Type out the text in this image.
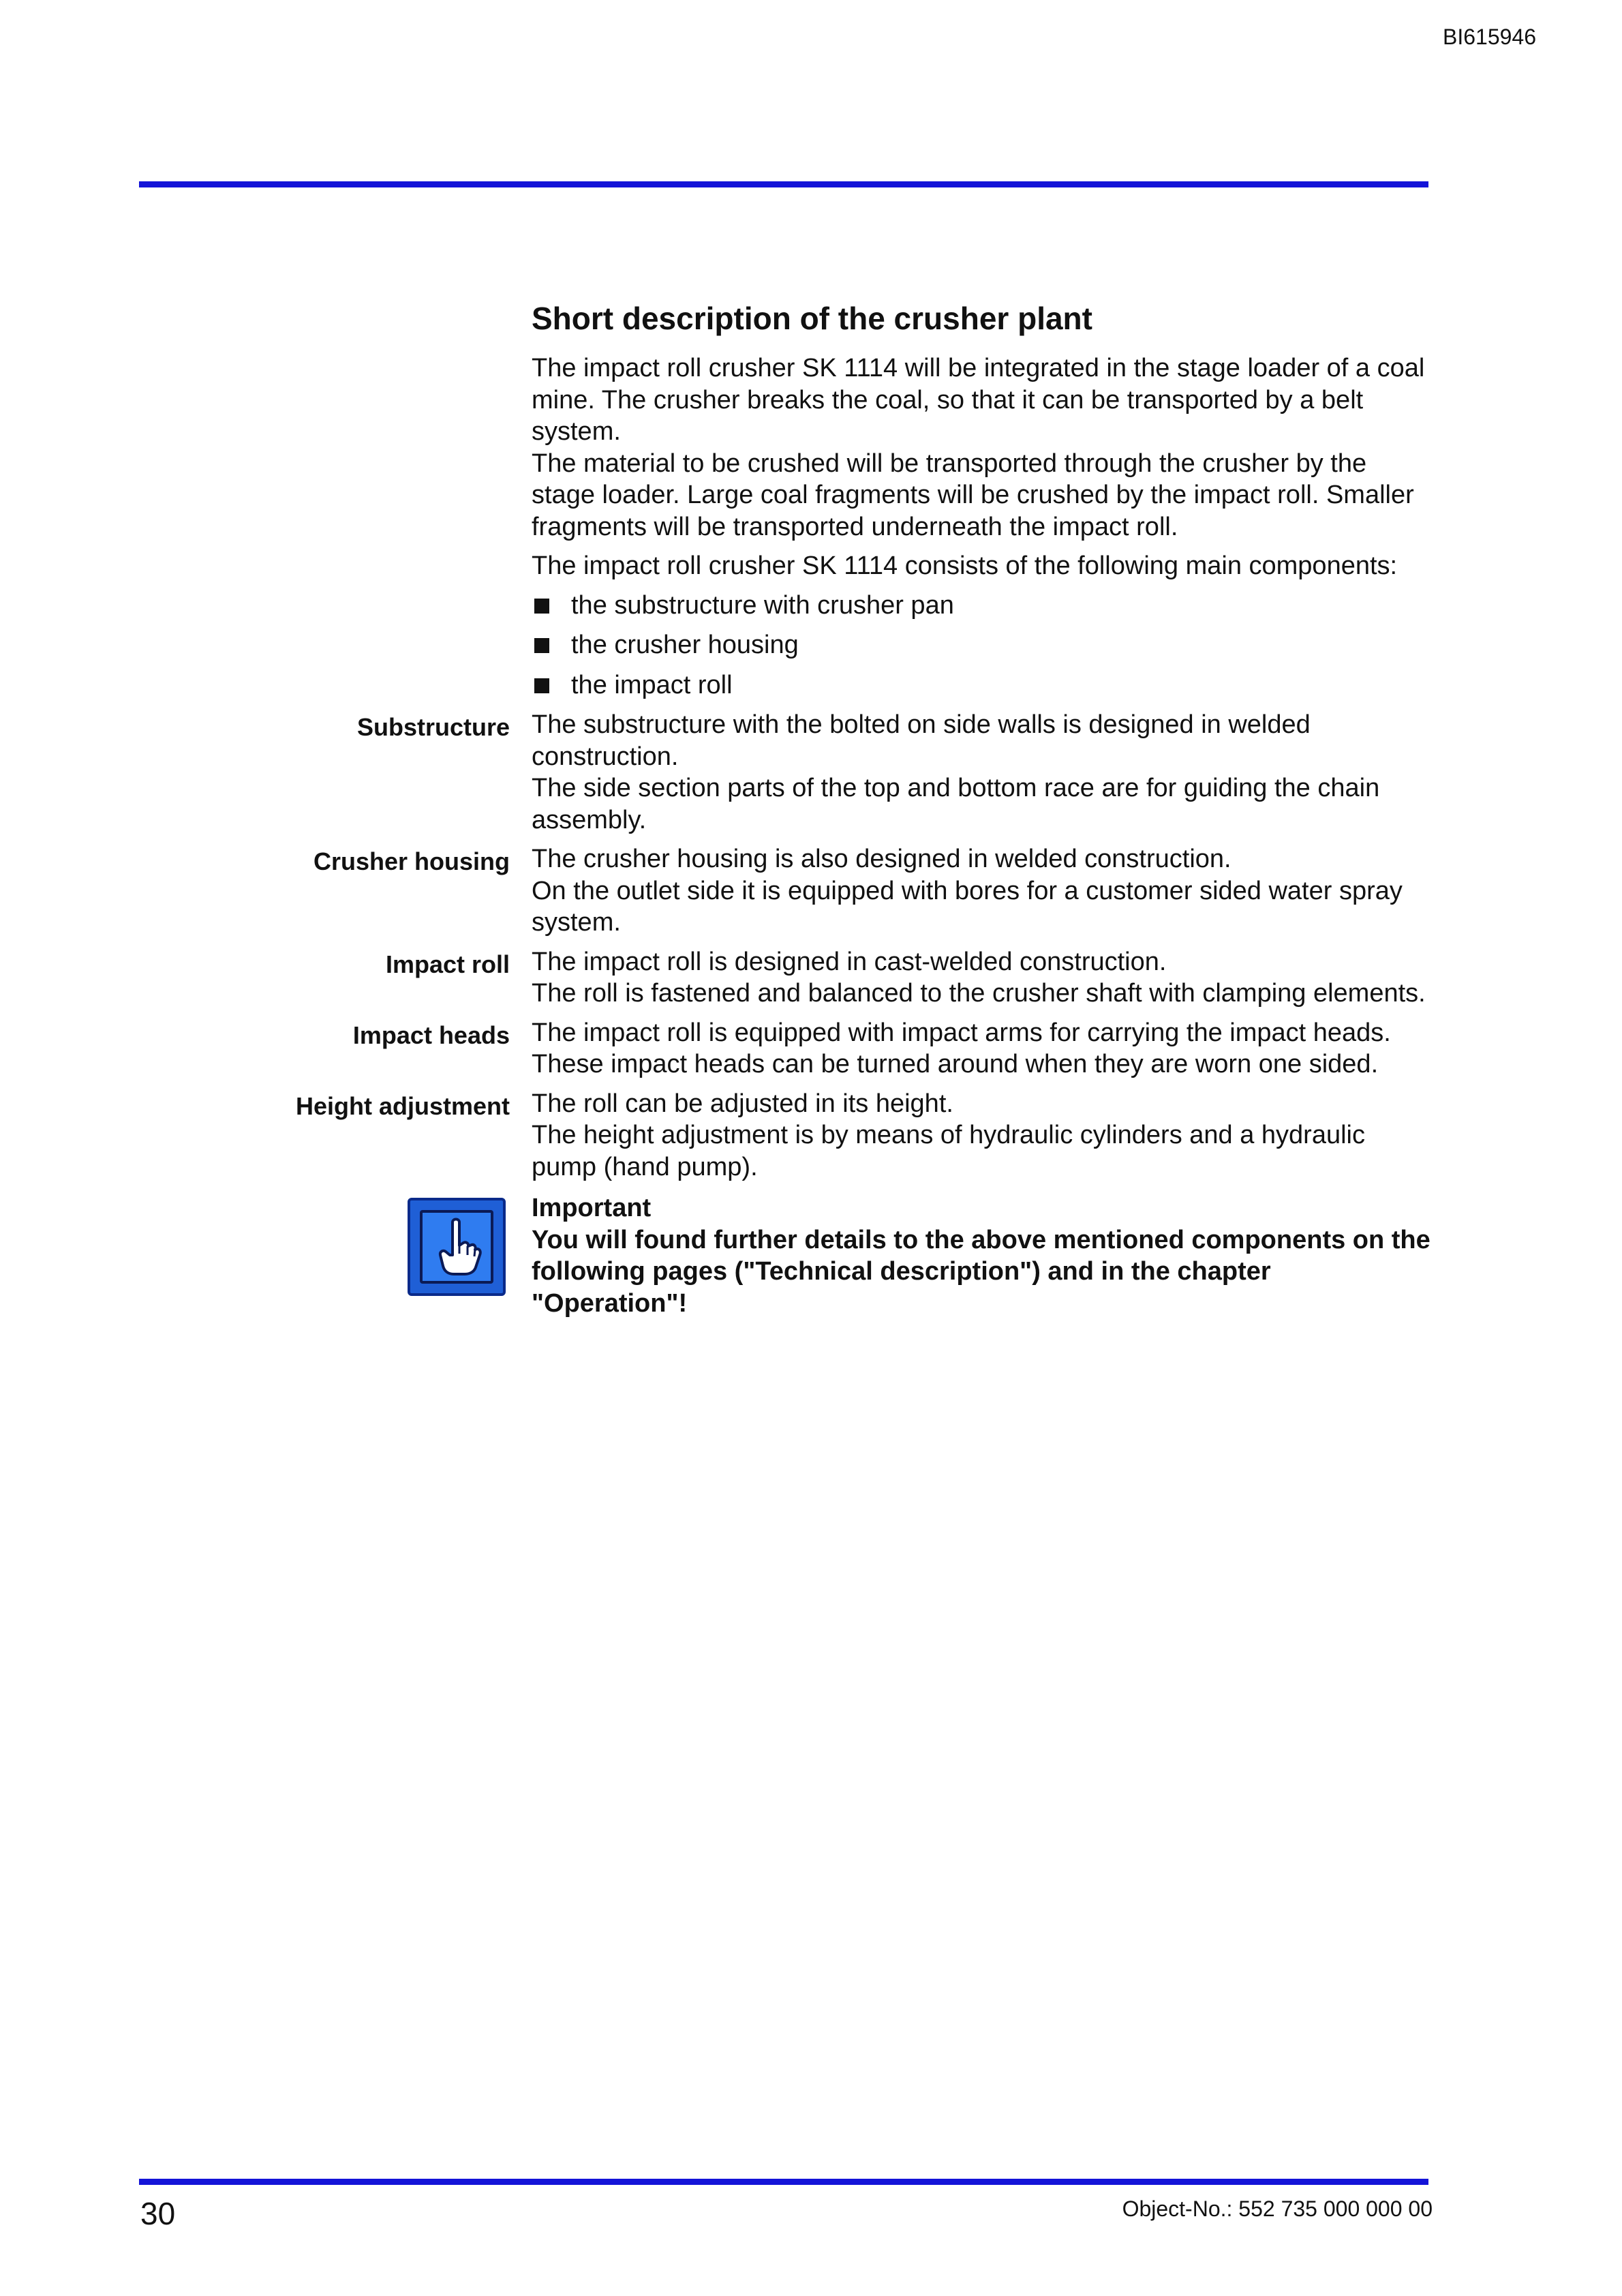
BI615946
Short description of the crusher plant

The impact roll crusher SK 1114 will be integrated in the stage loader of a coal mine. The crusher breaks the coal, so that it can be transported by a belt system.
The material to be crushed will be transported through the crusher by the stage loader. Large coal fragments will be crushed by the impact roll. Smaller fragments will be transported underneath the impact roll.

The impact roll crusher SK 1114 consists of the following main components:

the substructure with crusher pan
the crusher housing
the impact roll
Substructure The substructure with the bolted on side walls is designed in welded construction.
The side section parts of the top and bottom race are for guiding the chain assembly.

Crusher housing The crusher housing is also designed in welded construction.
On the outlet side it is equipped with bores for a customer sided water spray system.

Impact roll The impact roll is designed in cast-welded construction.
The roll is fastened and balanced to the crusher shaft with clamping elements.

Impact heads The impact roll is equipped with impact arms for carrying the impact heads.
These impact heads can be turned around when they are worn one sided.

Height adjustment The roll can be adjusted in its height.
The height adjustment is by means of hydraulic cylinders and a hydraulic pump (hand pump).

Important
You will found further details to the above mentioned components on the following pages ("Technical description") and in the chapter "Operation"!
30	Object-No.: 552 735 000 000 00
